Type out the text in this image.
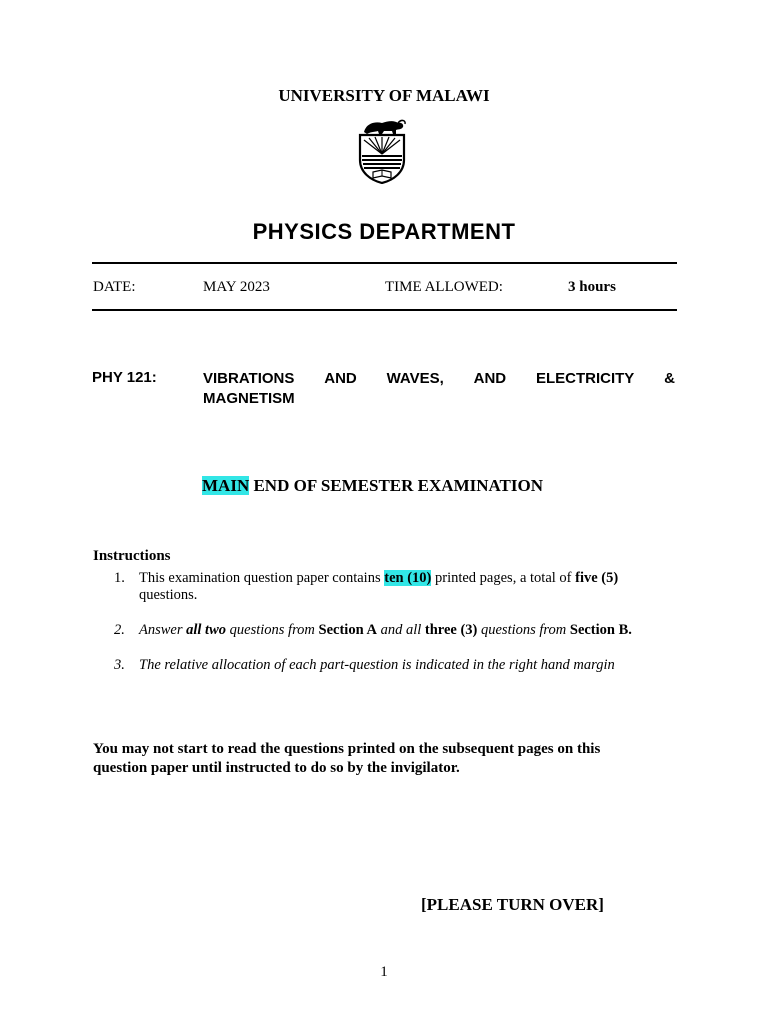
UNIVERSITY OF MALAWI
PHYSICS DEPARTMENT
DATE:	MAY 2023	TIME ALLOWED:	3 hours
PHY 121:	VIBRATIONS AND WAVES, AND ELECTRICITY &
MAGNETISM
MAIN END OF SEMESTER EXAMINATION
Instructions
1. This examination question paper contains ten (10) printed pages, a total of five (5) questions.
2. Answer all two questions from Section A and all three (3) questions from Section B.
3. The relative allocation of each part-question is indicated in the right hand margin
You may not start to read the questions printed on the subsequent pages on this question paper until instructed to do so by the invigilator.
[PLEASE TURN OVER]
1
